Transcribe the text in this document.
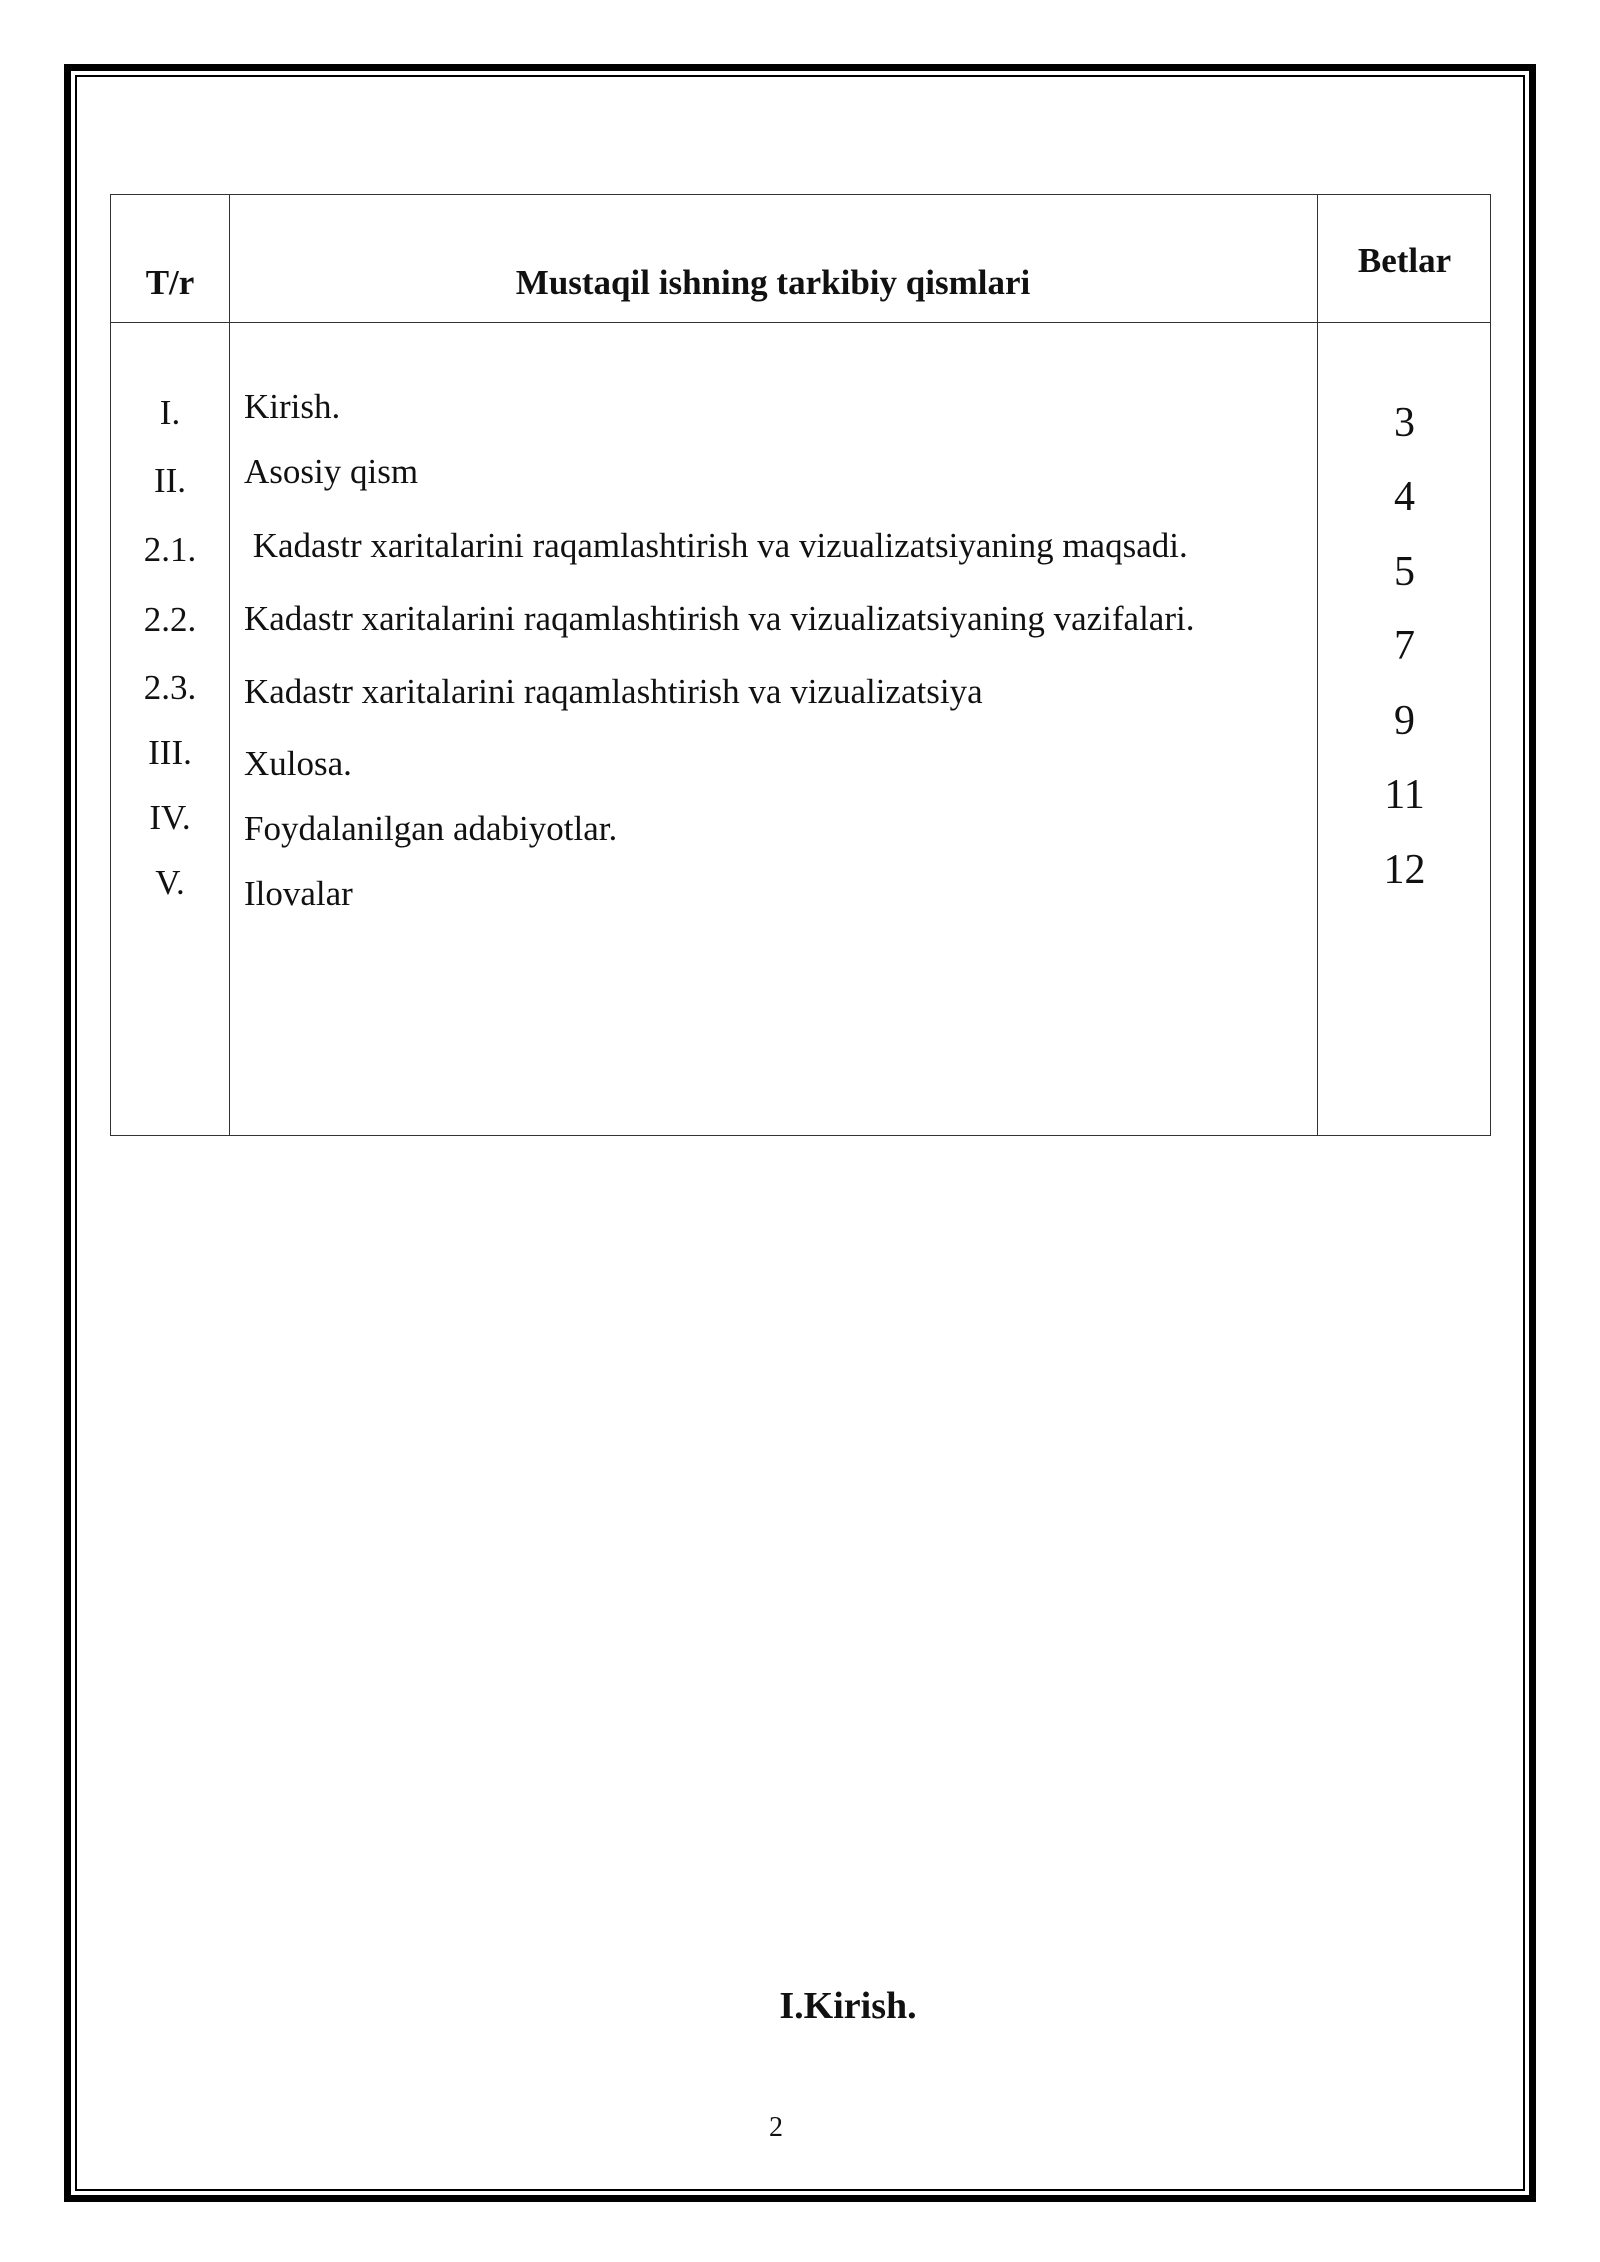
T/r	Mustaqil ishning tarkibiy qismlari
Betlar
I.
II.
2.1.
2.2.
2.3.
III.
IV.
V.
Kirish.
Asosiy qism
Kadastr xaritalarini raqamlashtirish va vizualizatsiyaning maqsadi.
Kadastr xaritalarini raqamlashtirish va vizualizatsiyaning vazifalari.
Kadastr xaritalarini raqamlashtirish va vizualizatsiya
Xulosa.
Foydalanilgan adabiyotlar.
Ilovalar
3
4
5
7
9
11
12
I.Kirish.
2
